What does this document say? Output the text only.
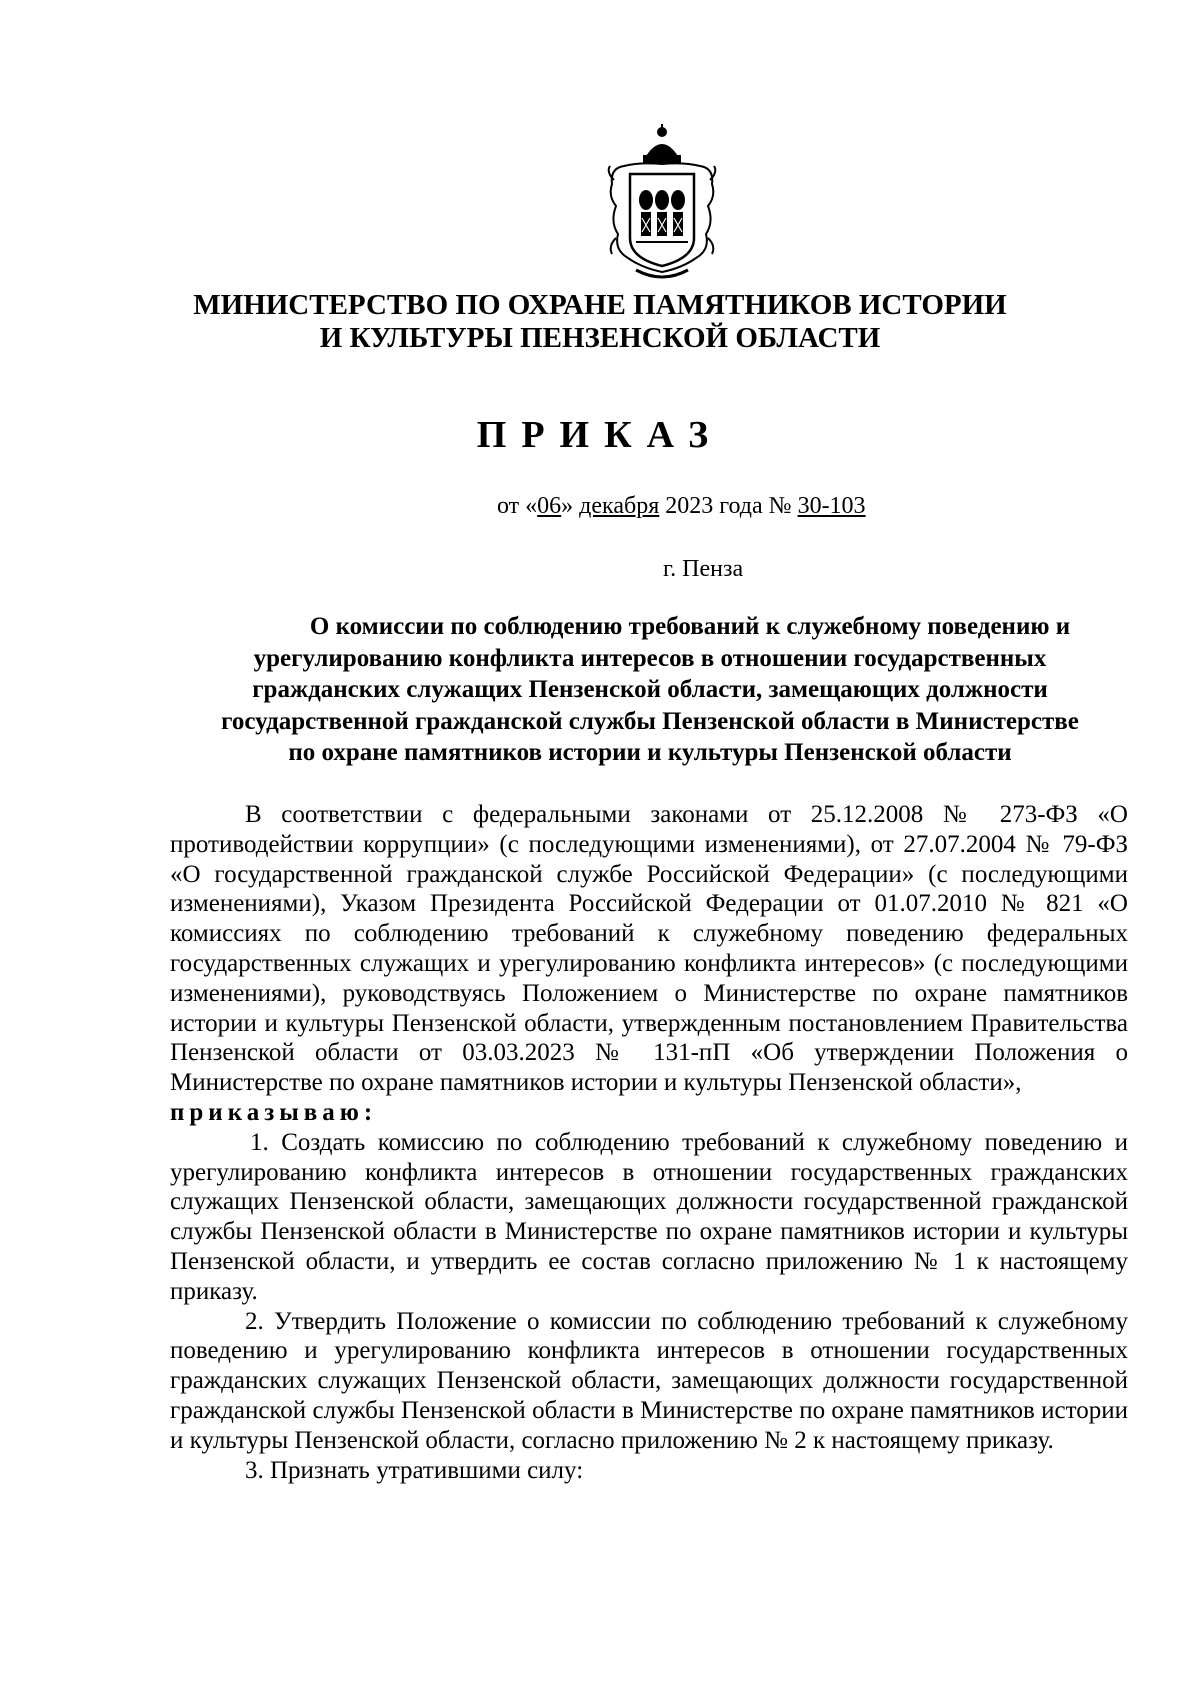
МИНИСТЕРСТВО ПО ОХРАНЕ ПАМЯТНИКОВ ИСТОРИИ
И КУЛЬТУРЫ ПЕНЗЕНСКОЙ ОБЛАСТИ
ПРИКАЗ
от «06» декабря 2023 года № 30-103
г. Пенза
О комиссии по соблюдению требований к служебному поведению и
урегулированию конфликта интересов в отношении государственных
гражданских служащих Пензенской области, замещающих должности
государственной гражданской службы Пензенской области в Министерстве
по охране памятников истории и культуры Пензенской области

В соответствии с федеральными законами от 25.12.2008 № 273-ФЗ «О противодействии коррупции» (с последующими изменениями), от 27.07.2004 № 79-ФЗ «О государственной гражданской службе Российской Федерации» (с последующими изменениями), Указом Президента Российской Федерации от 01.07.2010 № 821 «О комиссиях по соблюдению требований к служебному поведению федеральных государственных служащих и урегулированию конфликта интересов» (с последующими изменениями), руководствуясь Положением о Министерстве по охране памятников истории и культуры Пензенской области, утвержденным постановлением Правительства Пензенской области от 03.03.2023 № 131-пП «Об утверждении Положения о Министерстве по охране памятников истории и культуры Пензенской области»,

приказываю:

1. Создать комиссию по соблюдению требований к служебному поведению и урегулированию конфликта интересов в отношении государственных гражданских служащих Пензенской области, замещающих должности государственной гражданской службы Пензенской области в Министерстве по охране памятников истории и культуры Пензенской области, и утвердить ее состав согласно приложению № 1 к настоящему приказу.

2. Утвердить Положение о комиссии по соблюдению требований к служебному поведению и урегулированию конфликта интересов в отношении государственных гражданских служащих Пензенской области, замещающих должности государственной гражданской службы Пензенской области в Министерстве по охране памятников истории и культуры Пензенской области, согласно приложению № 2 к настоящему приказу.

3. Признать утратившими силу:
